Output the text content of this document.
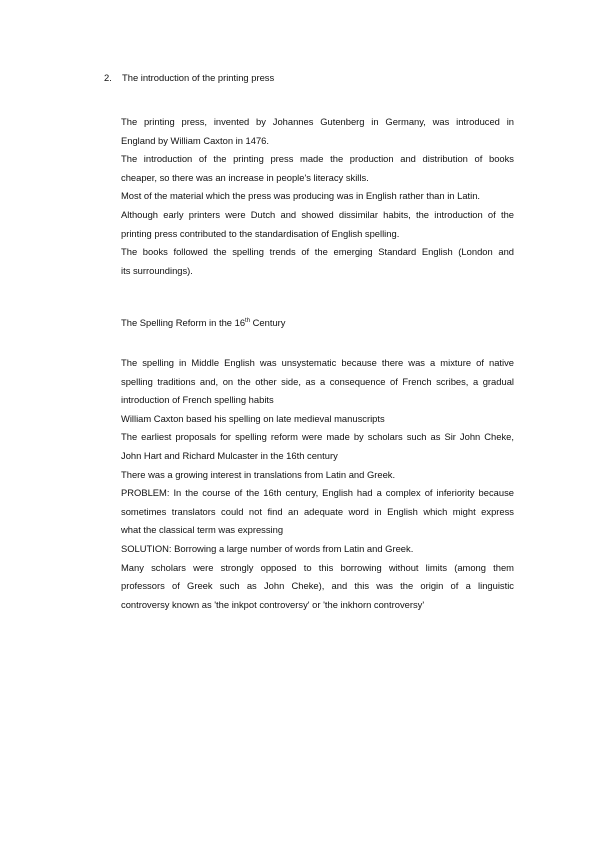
2. The introduction of the printing press
The printing press, invented by Johannes Gutenberg in Germany, was introduced in
England by William Caxton in 1476.
The introduction of the printing press made the production and distribution of books
cheaper, so there was an increase in people's literacy skills.
Most of the material which the press was producing was in English rather than in Latin.
Although early printers were Dutch and showed dissimilar habits, the introduction of the
printing press contributed to the standardisation of English spelling.
The books followed the spelling trends of the emerging Standard English (London and
its surroundings).
The Spelling Reform in the 16th Century
The spelling in Middle English was unsystematic because there was a mixture of native
spelling traditions and, on the other side, as a consequence of French scribes, a gradual
introduction of French spelling habits
William Caxton based his spelling on late medieval manuscripts
The earliest proposals for spelling reform were made by scholars such as Sir John Cheke,
John Hart and Richard Mulcaster in the 16th century
There was a growing interest in translations from Latin and Greek.
PROBLEM: In the course of the 16th century, English had a complex of inferiority because
sometimes translators could not find an adequate word in English which might express
what the classical term was expressing
SOLUTION: Borrowing a large number of words from Latin and Greek.
Many scholars were strongly opposed to this borrowing without limits (among them
professors of Greek such as John Cheke), and this was the origin of a linguistic
controversy known as 'the inkpot controversy' or 'the inkhorn controversy'
